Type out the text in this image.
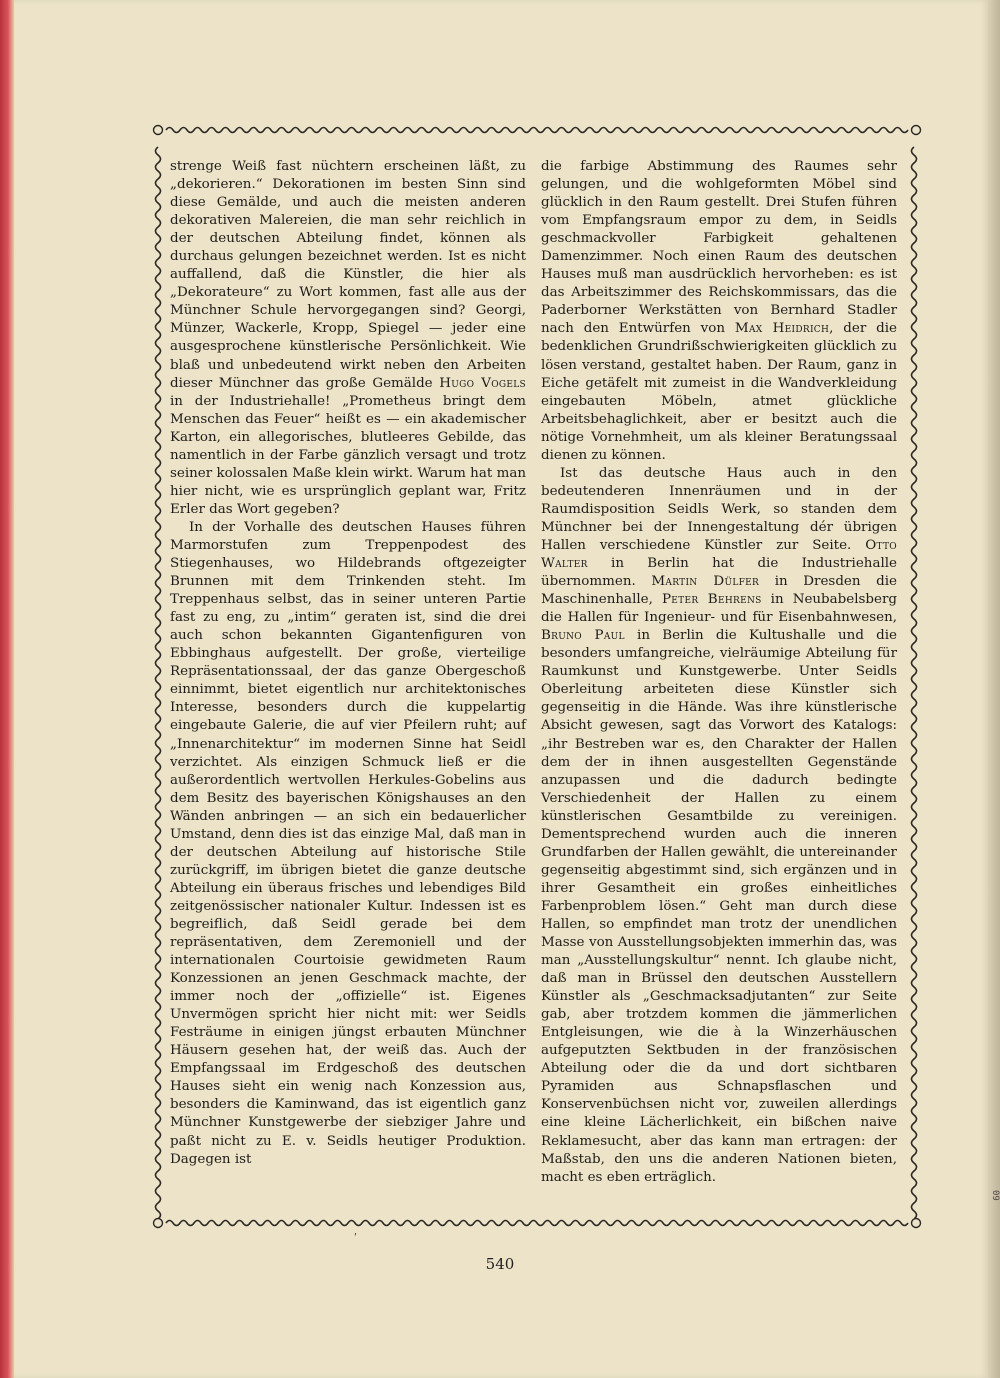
09

strenge Weiß fast nüchtern erscheinen läßt, zu „dekorieren.“ Dekorationen im besten Sinn sind diese Gemälde, und auch die meisten anderen dekorativen Malereien, die man sehr reichlich in der deutschen Abteilung findet, können als durchaus gelungen bezeichnet werden. Ist es nicht auffallend, daß die Künstler, die hier als „Dekorateure“ zu Wort kommen, fast alle aus der Münchner Schule hervorgegangen sind? Georgi, Münzer, Wackerle, Kropp, Spiegel — jeder eine ausgesprochene künstlerische Persönlichkeit. Wie blaß und unbedeutend wirkt neben den Arbeiten dieser Münchner das große Gemälde Hugo Vogels in der Industriehalle! „Prometheus bringt dem Menschen das Feuer“ heißt es — ein akademischer Karton, ein allegorisches, blutleeres Gebilde, das namentlich in der Farbe gänzlich versagt und trotz seiner kolossalen Maße klein wirkt. Warum hat man hier nicht, wie es ursprünglich geplant war, Fritz Erler das Wort gegeben?

In der Vorhalle des deutschen Hauses führen Marmorstufen zum Treppenpodest des Stiegenhauses, wo Hildebrands oftgezeigter Brunnen mit dem Trinkenden steht. Im Treppenhaus selbst, das in seiner unteren Partie fast zu eng, zu „intim“ geraten ist, sind die drei auch schon bekannten Gigantenfiguren von Ebbinghaus aufgestellt. Der große, vierteilige Repräsentationssaal, der das ganze Obergeschoß einnimmt, bietet eigentlich nur architektonisches Interesse, besonders durch die kuppelartig eingebaute Galerie, die auf vier Pfeilern ruht; auf „Innenarchitektur“ im modernen Sinne hat Seidl verzichtet. Als einzigen Schmuck ließ er die außerordentlich wertvollen Herkules-Gobelins aus dem Besitz des bayerischen Königshauses an den Wänden anbringen — an sich ein bedauerlicher Umstand, denn dies ist das einzige Mal, daß man in der deutschen Abteilung auf historische Stile zurückgriff, im übrigen bietet die ganze deutsche Abteilung ein überaus frisches und lebendiges Bild zeitgenössischer nationaler Kultur. Indessen ist es begreiflich, daß Seidl gerade bei dem repräsentativen, dem Zeremoniell und der internationalen Courtoisie gewidmeten Raum Konzessionen an jenen Geschmack machte, der immer noch der „offizielle“ ist. Eigenes Unvermögen spricht hier nicht mit: wer Seidls Festräume in einigen jüngst erbauten Münchner Häusern gesehen hat, der weiß das. Auch der Empfangssaal im Erdgeschoß des deutschen Hauses sieht ein wenig nach Konzession aus, besonders die Kaminwand, das ist eigentlich ganz Münchner Kunstgewerbe der siebziger Jahre und paßt nicht zu E. v. Seidls heutiger Produktion. Dagegen ist

die farbige Abstimmung des Raumes sehr gelungen, und die wohlgeformten Möbel sind glücklich in den Raum gestellt. Drei Stufen führen vom Empfangsraum empor zu dem, in Seidls geschmackvoller Farbigkeit gehaltenen Damenzimmer. Noch einen Raum des deutschen Hauses muß man ausdrücklich hervorheben: es ist das Arbeitszimmer des Reichskommissars, das die Paderborner Werkstätten von Bernhard Stadler nach den Entwürfen von Max Heidrich, der die bedenklichen Grundrißschwierigkeiten glücklich zu lösen verstand, gestaltet haben. Der Raum, ganz in Eiche getäfelt mit zumeist in die Wandverkleidung eingebauten Möbeln, atmet glückliche Arbeitsbehaglichkeit, aber er besitzt auch die nötige Vornehmheit, um als kleiner Beratungssaal dienen zu können.

Ist das deutsche Haus auch in den bedeutenderen Innenräumen und in der Raumdisposition Seidls Werk, so standen dem Münchner bei der Innengestaltung dér übrigen Hallen verschiedene Künstler zur Seite. Otto Walter in Berlin hat die Industriehalle übernommen. Martin Dülfer in Dresden die Maschinenhalle, Peter Behrens in Neubabelsberg die Hallen für Ingenieur- und für Eisenbahnwesen, Bruno Paul in Berlin die Kultushalle und die besonders umfangreiche, vielräumige Abteilung für Raumkunst und Kunstgewerbe. Unter Seidls Oberleitung arbeiteten diese Künstler sich gegenseitig in die Hände. Was ihre künstlerische Absicht gewesen, sagt das Vorwort des Katalogs: „ihr Bestreben war es, den Charakter der Hallen dem der in ihnen ausgestellten Gegenstände anzupassen und die dadurch bedingte Verschiedenheit der Hallen zu einem künstlerischen Gesamtbilde zu vereinigen. Dementsprechend wurden auch die inneren Grundfarben der Hallen gewählt, die untereinander gegenseitig abgestimmt sind, sich ergänzen und in ihrer Gesamtheit ein großes einheitliches Farbenproblem lösen.“ Geht man durch diese Hallen, so empfindet man trotz der unendlichen Masse von Ausstellungsobjekten immerhin das, was man „Ausstellungskultur“ nennt. Ich glaube nicht, daß man in Brüssel den deutschen Ausstellern Künstler als „Geschmacksadjutanten“ zur Seite gab, aber trotzdem kommen die jämmerlichen Entgleisungen, wie die à la Winzerhäuschen aufgeputzten Sektbuden in der französischen Abteilung oder die da und dort sichtbaren Pyramiden aus Schnapsflaschen und Konservenbüchsen nicht vor, zuweilen allerdings eine kleine Lächerlichkeit, ein bißchen naive Reklamesucht, aber das kann man ertragen: der Maßstab, den uns die anderen Nationen bieten, macht es eben erträglich.

ʹ
540
